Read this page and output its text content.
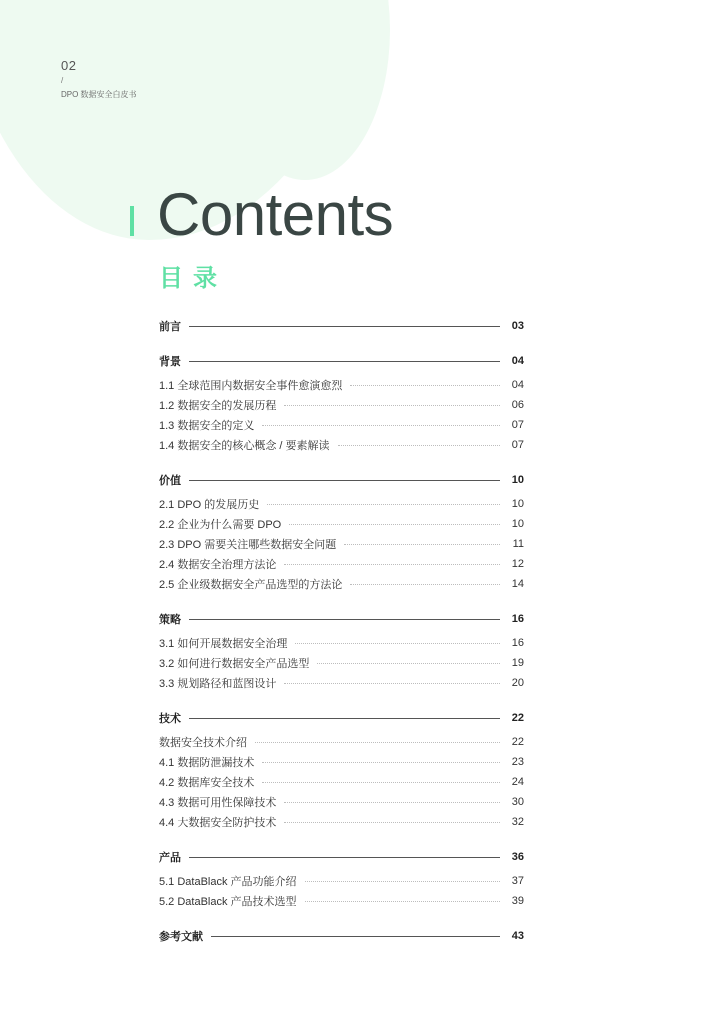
02
/
DPO 数据安全白皮书
Contents
目录
前言	03
背景	04
1.1 全球范围内数据安全事件愈演愈烈	04
1.2 数据安全的发展历程	06
1.3 数据安全的定义	07
1.4 数据安全的核心概念 / 要素解读	07
价值	10
2.1 DPO 的发展历史	10
2.2 企业为什么需要 DPO	10
2.3 DPO 需要关注哪些数据安全问题	11
2.4 数据安全治理方法论	12
2.5 企业级数据安全产品选型的方法论	14
策略	16
3.1 如何开展数据安全治理	16
3.2 如何进行数据安全产品选型	19
3.3 规划路径和蓝图设计	20
技术	22
数据安全技术介绍	22
4.1 数据防泄漏技术	23
4.2 数据库安全技术	24
4.3 数据可用性保障技术	30
4.4 大数据安全防护技术	32
产品	36
5.1 DataBlack 产品功能介绍	37
5.2 DataBlack 产品技术选型	39
参考文献	43
